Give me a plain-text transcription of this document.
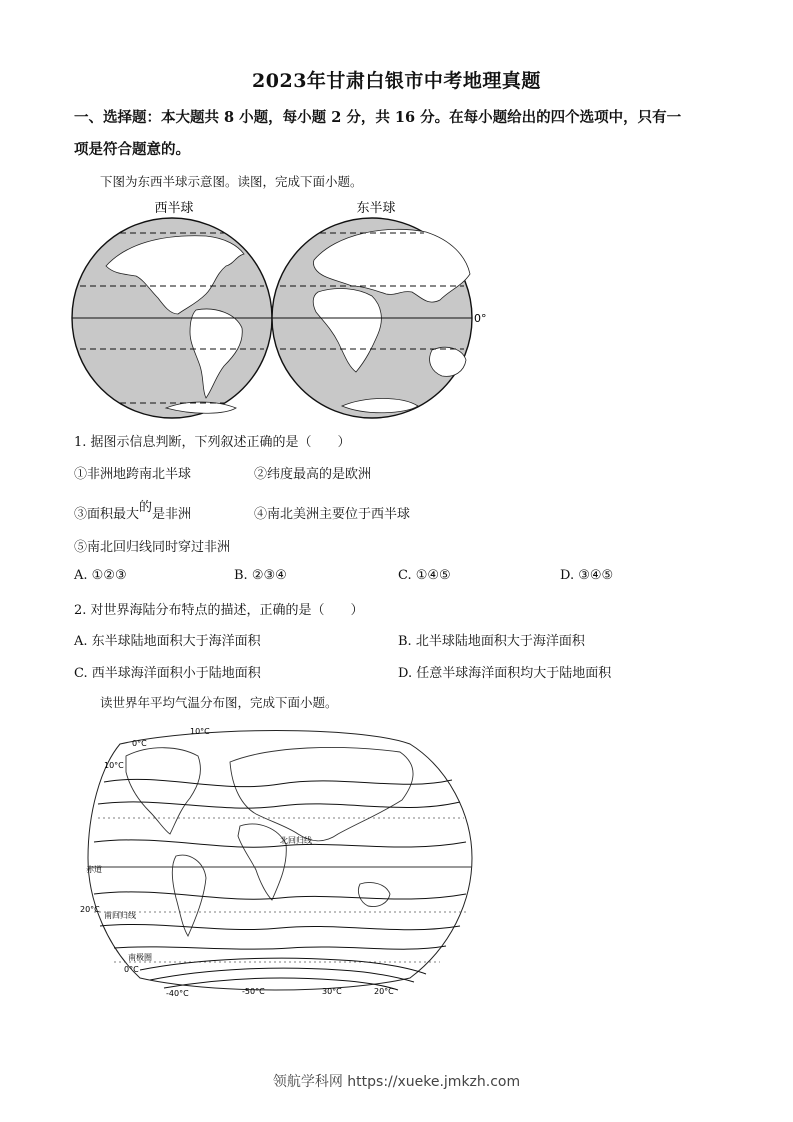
2023年甘肃白银市中考地理真题
一、选择题：本大题共 8 小题，每小题 2 分，共 16 分。在每小题给出的四个选项中，只有一
项是符合题意的。
下图为东西半球示意图。读图，完成下面小题。
西半球	东半球
0°
1. 据图示信息判断，下列叙述正确的是（　　）
①非洲地跨南北半球	②纬度最高的是欧洲
③面积最大的是非洲	④南北美洲主要位于西半球
⑤南北回归线同时穿过非洲
A. ①②③	B. ②③④	C. ①④⑤	D. ③④⑤
2. 对世界海陆分布特点的描述，正确的是（　　）
A. 东半球陆地面积大于海洋面积	B. 北半球陆地面积大于海洋面积
C. 西半球海洋面积小于陆地面积	D. 任意半球海洋面积均大于陆地面积
读世界年平均气温分布图，完成下面小题。
10°C
0°C
10°C
北回归线
赤道
20°C
南回归线
南极圈
0°C
-40°C	-50°C	30°C	20°C
领航学科网 https://xueke.jmkzh.com
